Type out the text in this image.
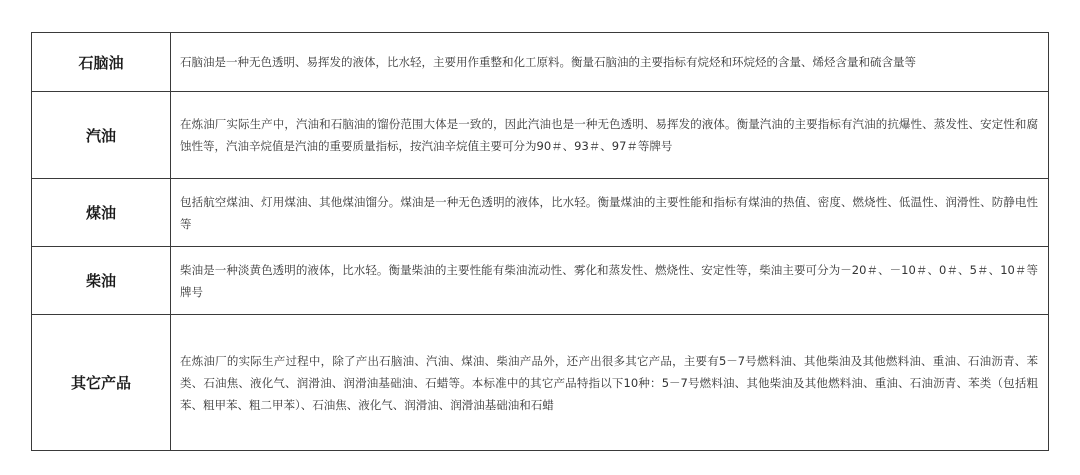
石脑油	石脑油是一种无色透明、易挥发的液体，比水轻，主要用作重整和化工原料。衡量石脑油的主要指标有烷烃和环烷烃的含量、烯烃含量和硫含量等
汽油	在炼油厂实际生产中，汽油和石脑油的馏份范围大体是一致的，因此汽油也是一种无色透明、易挥发的液体。衡量汽油的主要指标有汽油的抗爆性、蒸发性、安定性和腐蚀性等，汽油辛烷值是汽油的重要质量指标，按汽油辛烷值主要可分为90＃、93＃、97＃等牌号
煤油	包括航空煤油、灯用煤油、其他煤油馏分。煤油是一种无色透明的液体，比水轻。衡量煤油的主要性能和指标有煤油的热值、密度、燃烧性、低温性、润滑性、防静电性等
柴油	柴油是一种淡黄色透明的液体，比水轻。衡量柴油的主要性能有柴油流动性、雾化和蒸发性、燃烧性、安定性等，柴油主要可分为－20＃、－10＃、0＃、5＃、10＃等牌号
其它产品	在炼油厂的实际生产过程中，除了产出石脑油、汽油、煤油、柴油产品外，还产出很多其它产品，主要有5－7号燃料油、其他柴油及其他燃料油、重油、石油沥青、苯类、石油焦、液化气、润滑油、润滑油基础油、石蜡等。本标准中的其它产品特指以下10种：5－7号燃料油、其他柴油及其他燃料油、重油、石油沥青、苯类（包括粗苯、粗甲苯、粗二甲苯）、石油焦、液化气、润滑油、润滑油基础油和石蜡
